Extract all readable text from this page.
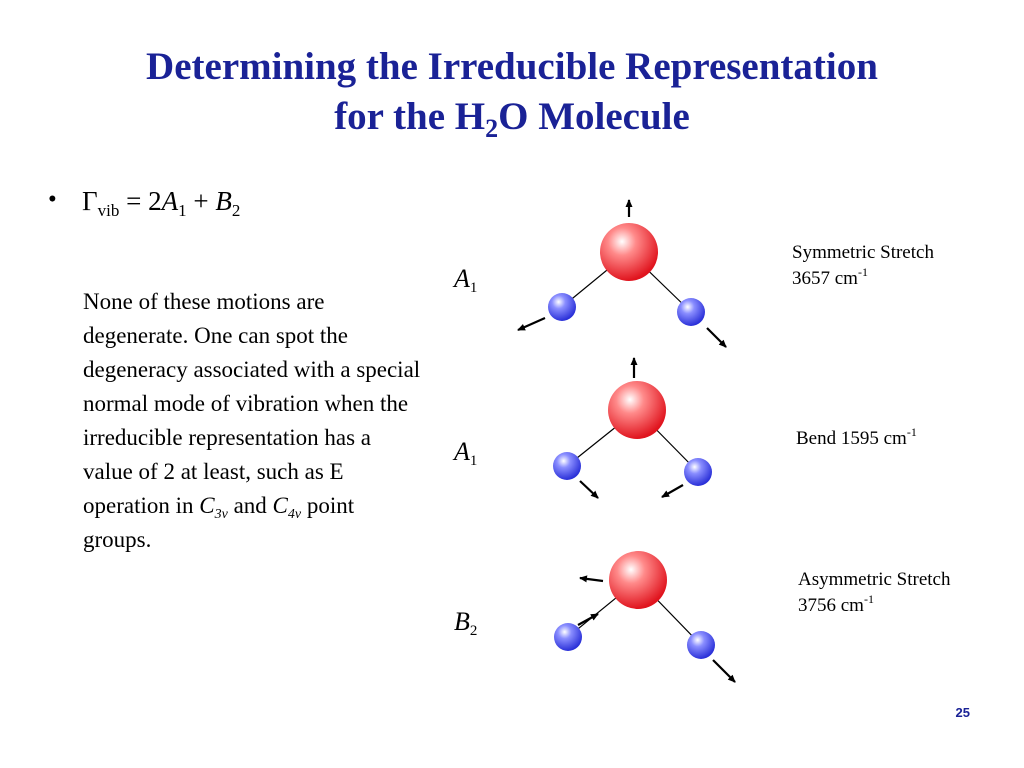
Determining the Irreducible Representation
for the $H_2O$ Molecule
• $\Gamma_{vib} = 2A_1 + B_2$
None of these motions are degenerate. One can spot the degeneracy associated with a special normal mode of vibration when the irreducible representation has a value of 2 at least, such as E operation in $C_{3v}$ and $C_{4v}$ point groups.
$A_1$
$A_1$
$B_2$
Symmetric Stretch
3657 $cm^{-1}$
Bend 1595 $cm^{-1}$
Asymmetric Stretch
3756 $cm^{-1}$
25
